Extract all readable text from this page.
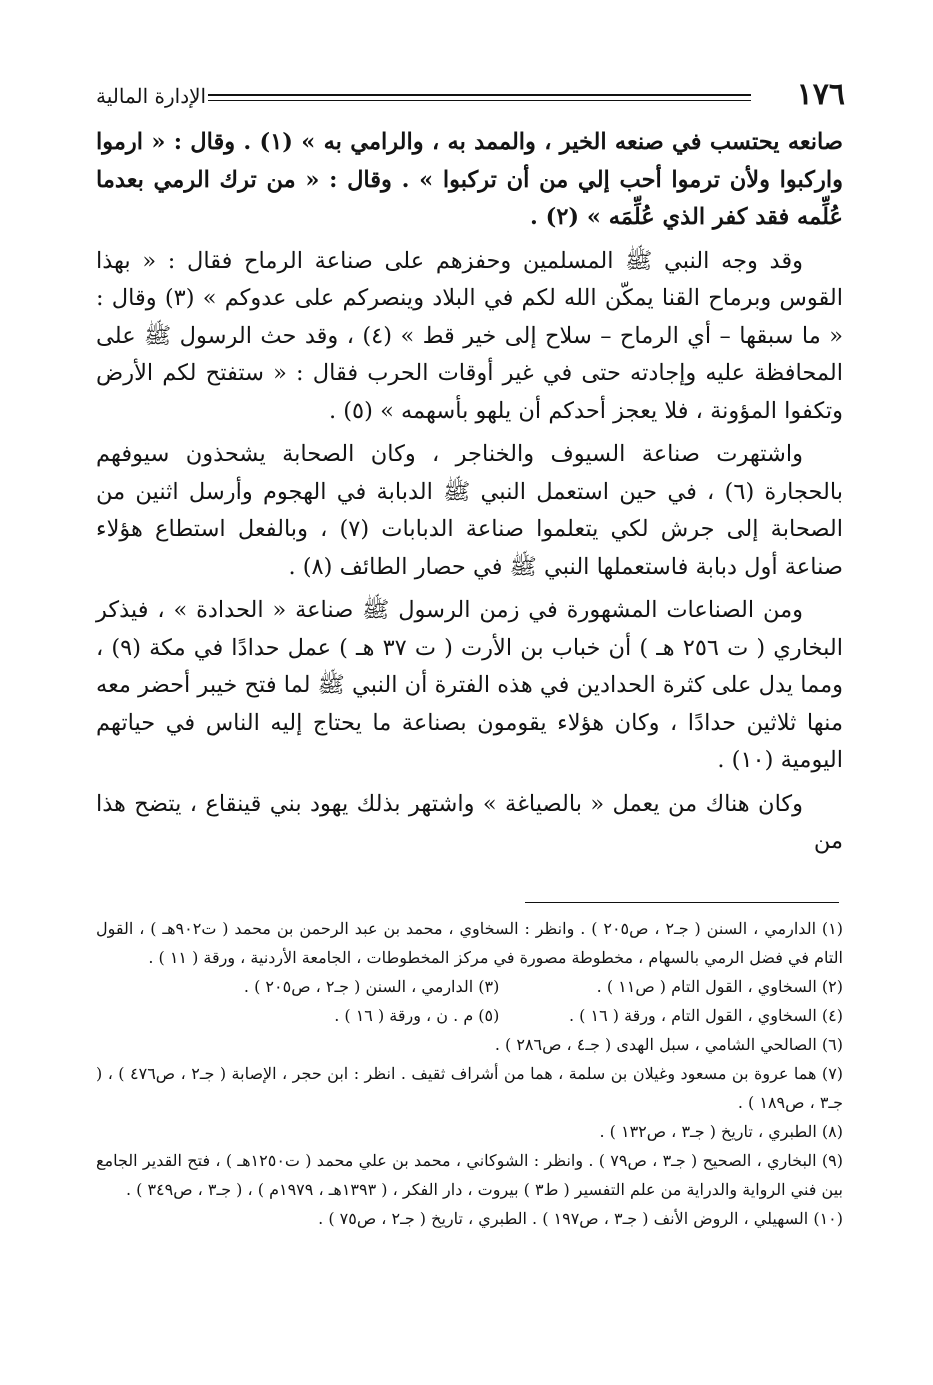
١٧٦
الإدارة المالية

صانعه يحتسب في صنعه الخير ، والممد به ، والرامي به » (١) . وقال : « ارموا واركبوا ولأن ترموا أحب إلي من أن تركبوا » . وقال : « من ترك الرمي بعدما عُلِّمه فقد كفر الذي عُلِّمَه » (٢) .

وقد وجه النبي ﷺ المسلمين وحفزهم على صناعة الرماح فقال : « بهذا القوس وبرماح القنا يمكّن الله لكم في البلاد وينصركم على عدوكم » (٣) وقال : « ما سبقها – أي الرماح – سلاح إلى خير قط » (٤) ، وقد حث الرسول ﷺ على المحافظة عليه وإجادته حتى في غير أوقات الحرب فقال : « ستفتح لكم الأرض وتكفوا المؤونة ، فلا يعجز أحدكم أن يلهو بأسهمه » (٥) .

واشتهرت صناعة السيوف والخناجر ، وكان الصحابة يشحذون سيوفهم بالحجارة (٦) ، في حين استعمل النبي ﷺ الدبابة في الهجوم وأرسل اثنين من الصحابة إلى جرش لكي يتعلموا صناعة الدبابات (٧) ، وبالفعل استطاع هؤلاء صناعة أول دبابة فاستعملها النبي ﷺ في حصار الطائف (٨) .

ومن الصناعات المشهورة في زمن الرسول ﷺ صناعة « الحدادة » ، فيذكر البخاري ( ت ٢٥٦ هـ ) أن خباب بن الأرت ( ت ٣٧ هـ ) عمل حدادًا في مكة (٩) ، ومما يدل على كثرة الحدادين في هذه الفترة أن النبي ﷺ لما فتح خيبر أحضر معه منها ثلاثين حدادًا ، وكان هؤلاء يقومون بصناعة ما يحتاج إليه الناس في حياتهم اليومية (١٠) .

وكان هناك من يعمل « بالصياغة » واشتهر بذلك يهود بني قينقاع ، يتضح هذا من

(١) الدارمي ، السنن ( جـ٢ ، ص٢٠٥ ) . وانظر : السخاوي ، محمد بن عبد الرحمن بن محمد ( ت٩٠٢هـ ) ، القول التام في فضل الرمي بالسهام ، مخطوطة مصورة في مركز المخطوطات ، الجامعة الأردنية ، ورقة ( ١١ ) .

(٢) السخاوي ، القول التام ( ص١١ ) .

(٣) الدارمي ، السنن ( جـ٢ ، ص٢٠٥ ) .

(٤) السخاوي ، القول التام ، ورقة ( ١٦ ) .

(٥) م . ن ، ورقة ( ١٦ ) .

(٦) الصالحي الشامي ، سبل الهدى ( جـ٤ ، ص٢٨٦ ) .

(٧) هما عروة بن مسعود وغيلان بن سلمة ، هما من أشراف ثقيف . انظر : ابن حجر ، الإصابة ( جـ٢ ، ص٤٧٦ ) ، ( جـ٣ ، ص١٨٩ ) .

(٨) الطبري ، تاريخ ( جـ٣ ، ص١٣٢ ) .

(٩) البخاري ، الصحيح ( جـ٣ ، ص٧٩ ) . وانظر : الشوكاني ، محمد بن علي محمد ( ت١٢٥٠هـ ) ، فتح القدير الجامع بين فني الرواية والدراية من علم التفسير ( ط٣ ) بيروت ، دار الفكر ، ( ١٣٩٣هـ ، ١٩٧٩م ) ، ( جـ٣ ، ص٣٤٩ ) .

(١٠) السهيلي ، الروض الأنف ( جـ٣ ، ص١٩٧ ) . الطبري ، تاريخ ( جـ٢ ، ص٧٥ ) .
